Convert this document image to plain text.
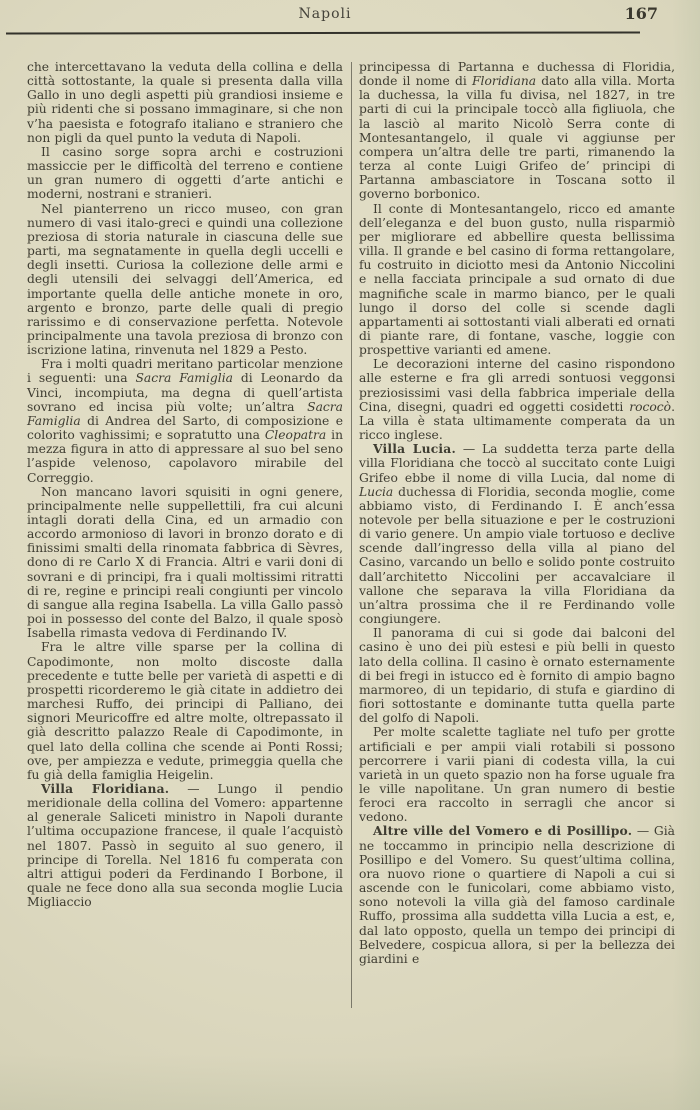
Napoli	167

che intercettavano la veduta della collina e della città sottostante, la quale si presenta dalla villa Gallo in uno degli aspetti più grandiosi insieme e più ridenti che si possano immaginare, si che non v’ha paesista e fotografo italiano e straniero che non pigli da quel punto la veduta di Napoli.

Il casino sorge sopra archi e costruzioni massiccie per le difficoltà del terreno e contiene un gran numero di oggetti d’arte antichi e moderni, nostrani e stranieri.

Nel pianterreno un ricco museo, con gran numero di vasi italo-greci e quindi una collezione preziosa di storia naturale in ciascuna delle sue parti, ma segnatamente in quella degli uccelli e degli insetti. Curiosa la collezione delle armi e degli utensili dei selvaggi dell’America, ed importante quella delle antiche monete in oro, argento e bronzo, parte delle quali di pregio rarissimo e di conservazione perfetta. Notevole principalmente una tavola preziosa di bronzo con iscrizione latina, rinvenuta nel 1829 a Pesto.

Fra i molti quadri meritano particolar menzione i seguenti: una Sacra Famiglia di Leonardo da Vinci, incompiuta, ma degna di quell’artista sovrano ed incisa più volte; un’altra Sacra Famiglia di Andrea del Sarto, di composizione e colorito vaghissimi; e sopratutto una Cleopatra in mezza figura in atto di appressare al suo bel seno l’aspide velenoso, capolavoro mirabile del Correggio.

Non mancano lavori squisiti in ogni genere, principalmente nelle suppellettili, fra cui alcuni intagli dorati della Cina, ed un armadio con accordo armonioso di lavori in bronzo dorato e di finissimi smalti della rinomata fabbrica di Sèvres, dono di re Carlo X di Francia. Altri e varii doni di sovrani e di principi, fra i quali moltissimi ritratti di re, regine e principi reali congiunti per vincolo di sangue alla regina Isabella. La villa Gallo passò poi in possesso del conte del Balzo, il quale sposò Isabella rimasta vedova di Ferdinando IV.

Fra le altre ville sparse per la collina di Capodimonte, non molto discoste dalla precedente e tutte belle per varietà di aspetti e di prospetti ricorderemo le già citate in addietro dei marchesi Ruffo, dei principi di Palliano, dei signori Meuricoffre ed altre molte, oltrepassato il già descritto palazzo Reale di Capodimonte, in quel lato della collina che scende ai Ponti Rossi; ove, per ampiezza e vedute, primeggia quella che fu già della famiglia Heigelin.

Villa Floridiana. — Lungo il pendio meridionale della collina del Vomero: appartenne al generale Saliceti ministro in Napoli durante l’ultima occupazione francese, il quale l’acquistò nel 1807. Passò in seguito al suo genero, il principe di Torella. Nel 1816 fu comperata con altri attigui poderi da Ferdinando I Borbone, il quale ne fece dono alla sua seconda moglie Lucia Migliaccio

principessa di Partanna e duchessa di Floridia, donde il nome di Floridiana dato alla villa. Morta la duchessa, la villa fu divisa, nel 1827, in tre parti di cui la principale toccò alla figliuola, che la lasciò al marito Nicolò Serra conte di Montesantangelo, il quale vi aggiunse per compera un’altra delle tre parti, rimanendo la terza al conte Luigi Grifeo de’ principi di Partanna ambasciatore in Toscana sotto il governo borbonico.

Il conte di Montesantangelo, ricco ed amante dell’eleganza e del buon gusto, nulla risparmiò per migliorare ed abbellire questa bellissima villa. Il grande e bel casino di forma rettangolare, fu costruito in diciotto mesi da Antonio Niccolini e nella facciata principale a sud ornato di due magnifiche scale in marmo bianco, per le quali lungo il dorso del colle si scende dagli appartamenti ai sottostanti viali alberati ed ornati di piante rare, di fontane, vasche, loggie con prospettive varianti ed amene.

Le decorazioni interne del casino rispondono alle esterne e fra gli arredi sontuosi veggonsi preziosissimi vasi della fabbrica imperiale della Cina, disegni, quadri ed oggetti cosidetti rococò. La villa è stata ultimamente comperata da un ricco inglese.

Villa Lucia. — La suddetta terza parte della villa Floridiana che toccò al succitato conte Luigi Grifeo ebbe il nome di villa Lucia, dal nome di Lucia duchessa di Floridia, seconda moglie, come abbiamo visto, di Ferdinando I. È anch’essa notevole per bella situazione e per le costruzioni di vario genere. Un ampio viale tortuoso e declive scende dall’ingresso della villa al piano del Casino, varcando un bello e solido ponte costruito dall’architetto Niccolini per accavalciare il vallone che separava la villa Floridiana da un’altra prossima che il re Ferdinando volle congiungere.

Il panorama di cui si gode dai balconi del casino è uno dei più estesi e più belli in questo lato della collina. Il casino è ornato esternamente di bei fregi in istucco ed è fornito di ampio bagno marmoreo, di un tepidario, di stufa e giardino di fiori sottostante e dominante tutta quella parte del golfo di Napoli.

Per molte scalette tagliate nel tufo per grotte artificiali e per ampii viali rotabili si possono percorrere i varii piani di codesta villa, la cui varietà in un queto spazio non ha forse uguale fra le ville napolitane. Un gran numero di bestie feroci era raccolto in serragli che ancor si vedono.

Altre ville del Vomero e di Posillipo. — Già ne toccammo in principio nella descrizione di Posillipo e del Vomero. Su quest’ultima collina, ora nuovo rione o quartiere di Napoli a cui si ascende con le funicolari, come abbiamo visto, sono notevoli la villa già del famoso cardinale Ruffo, prossima alla suddetta villa Lucia a est, e, dal lato opposto, quella un tempo dei principi di Belvedere, cospicua allora, si per la bellezza dei giardini e
